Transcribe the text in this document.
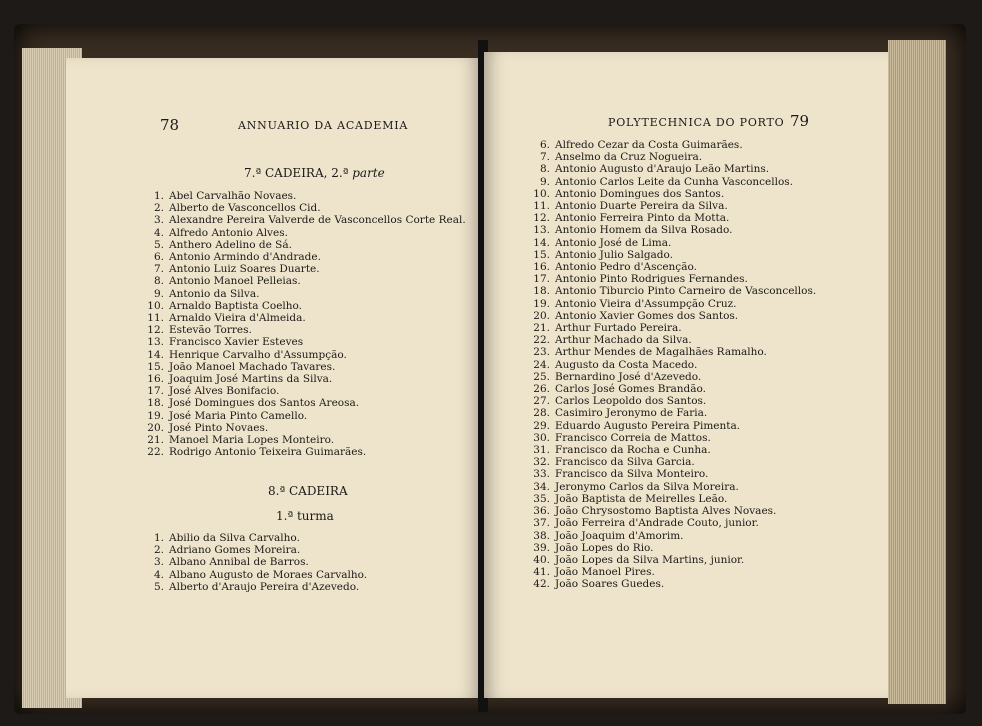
78	ANNUARIO DA ACADEMIA
7.ª CADEIRA, 2.ª parte
1. Abel Carvalhão Novaes.
2. Alberto de Vasconcellos Cid.
3. Alexandre Pereira Valverde de Vasconcellos Corte Real.
4. Alfredo Antonio Alves.
5. Anthero Adelino de Sá.
6. Antonio Armindo d'Andrade.
7. Antonio Luiz Soares Duarte.
8. Antonio Manoel Pelleias.
9. Antonio da Silva.
10. Arnaldo Baptista Coelho.
11. Arnaldo Vieira d'Almeida.
12. Estevão Torres.
13. Francisco Xavier Esteves
14. Henrique Carvalho d'Assumpção.
15. João Manoel Machado Tavares.
16. Joaquim José Martins da Silva.
17. José Alves Bonifacio.
18. José Domingues dos Santos Areosa.
19. José Maria Pinto Camello.
20. José Pinto Novaes.
21. Manoel Maria Lopes Monteiro.
22. Rodrigo Antonio Teixeira Guimarães.
8.ª CADEIRA
1.ª turma
1. Abilio da Silva Carvalho.
2. Adriano Gomes Moreira.
3. Albano Annibal de Barros.
4. Albano Augusto de Moraes Carvalho.
5. Alberto d'Araujo Pereira d'Azevedo.
POLYTECHNICA DO PORTO 79
6. Alfredo Cezar da Costa Guimarães.
7. Anselmo da Cruz Nogueira.
8. Antonio Augusto d'Araujo Leão Martins.
9. Antonio Carlos Leite da Cunha Vasconcellos.
10. Antonio Domingues dos Santos.
11. Antonio Duarte Pereira da Silva.
12. Antonio Ferreira Pinto da Motta.
13. Antonio Homem da Silva Rosado.
14. Antonio José de Lima.
15. Antonio Julio Salgado.
16. Antonio Pedro d'Ascenção.
17. Antonio Pinto Rodrigues Fernandes.
18. Antonio Tiburcio Pinto Carneiro de Vasconcellos.
19. Antonio Vieira d'Assumpção Cruz.
20. Antonio Xavier Gomes dos Santos.
21. Arthur Furtado Pereira.
22. Arthur Machado da Silva.
23. Arthur Mendes de Magalhães Ramalho.
24. Augusto da Costa Macedo.
25. Bernardino José d'Azevedo.
26. Carlos José Gomes Brandão.
27. Carlos Leopoldo dos Santos.
28. Casimiro Jeronymo de Faria.
29. Eduardo Augusto Pereira Pimenta.
30. Francisco Correia de Mattos.
31. Francisco da Rocha e Cunha.
32. Francisco da Silva Garcia.
33. Francisco da Silva Monteiro.
34. Jeronymo Carlos da Silva Moreira.
35. João Baptista de Meirelles Leão.
36. João Chrysostomo Baptista Alves Novaes.
37. João Ferreira d'Andrade Couto, junior.
38. João Joaquim d'Amorim.
39. João Lopes do Rio.
40. João Lopes da Silva Martins, junior.
41. João Manoel Pires.
42. João Soares Guedes.
